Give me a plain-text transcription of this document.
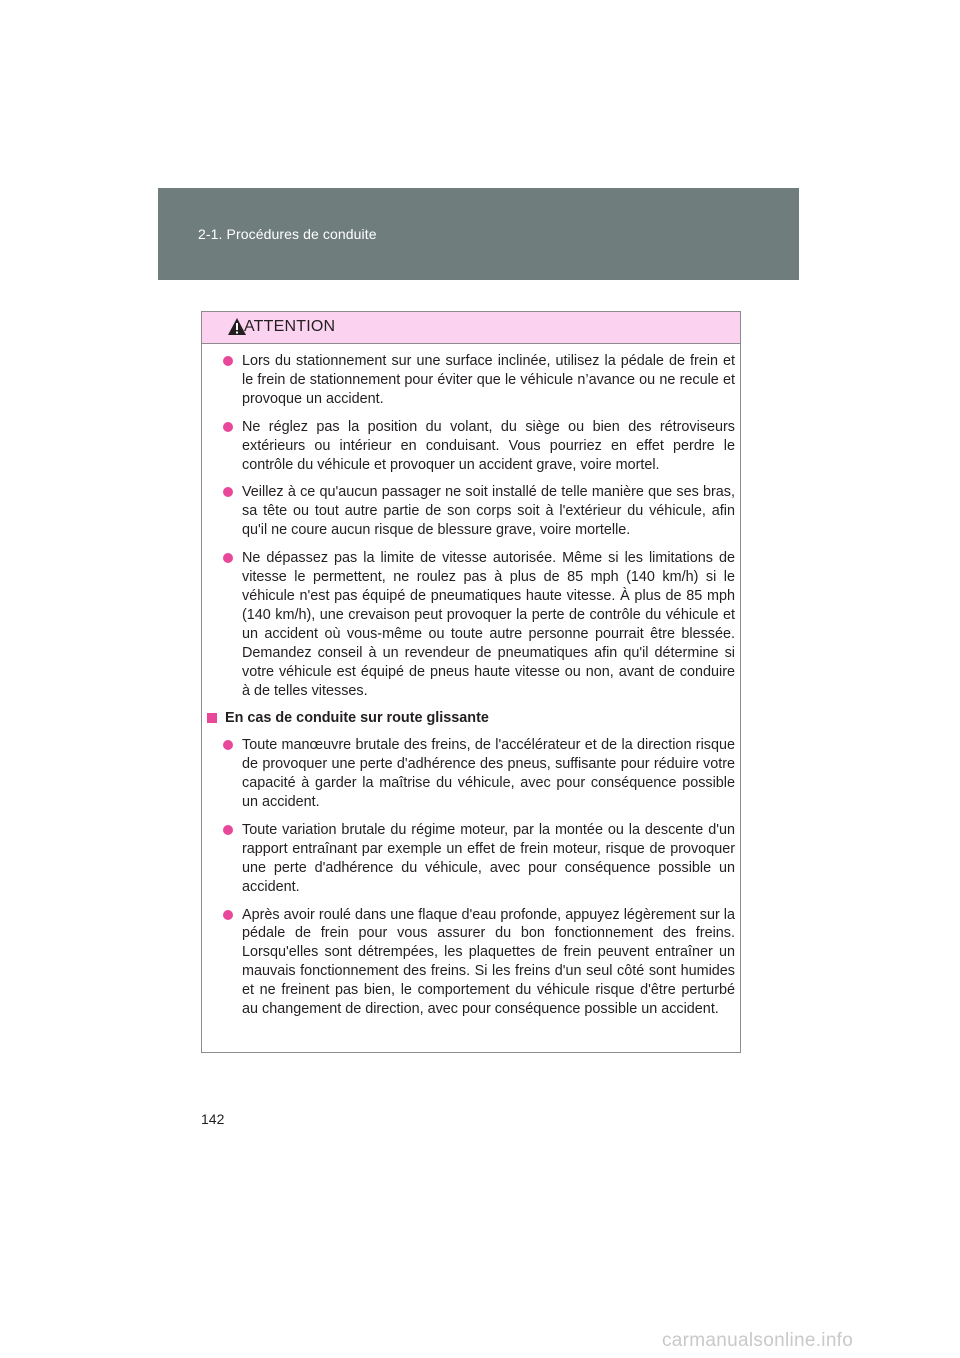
2-1. Procédures de conduite
ATTENTION
Lors du stationnement sur une surface inclinée, utilisez la pédale de frein et le frein de stationnement pour éviter que le véhicule n’avance ou ne recule et provoque un accident.
Ne réglez pas la position du volant, du siège ou bien des rétroviseurs extérieurs ou intérieur en conduisant. Vous pourriez en effet perdre le contrôle du véhicule et provoquer un accident grave, voire mortel.
Veillez à ce qu'aucun passager ne soit installé de telle manière que ses bras, sa tête ou tout autre partie de son corps soit à l'extérieur du véhicule, afin qu'il ne coure aucun risque de blessure grave, voire mortelle.
Ne dépassez pas la limite de vitesse autorisée. Même si les limitations de vitesse le permettent, ne roulez pas à plus de 85 mph (140 km/h) si le véhicule n'est pas équipé de pneumatiques haute vitesse. À plus de 85 mph (140 km/h), une crevaison peut provoquer la perte de contrôle du véhicule et un accident où vous-même ou toute autre personne pourrait être blessée. Demandez conseil à un revendeur de pneumatiques afin qu'il détermine si votre véhicule est équipé de pneus haute vitesse ou non, avant de conduire à de telles vitesses.
En cas de conduite sur route glissante
Toute manœuvre brutale des freins, de l'accélérateur et de la direction risque de provoquer une perte d'adhérence des pneus, suffisante pour réduire votre capacité à garder la maîtrise du véhicule, avec pour conséquence possible un accident.
Toute variation brutale du régime moteur, par la montée ou la descente d'un rapport entraînant par exemple un effet de frein moteur, risque de provoquer une perte d'adhérence du véhicule, avec pour conséquence possible un accident.
Après avoir roulé dans une flaque d'eau profonde, appuyez légèrement sur la pédale de frein pour vous assurer du bon fonctionnement des freins. Lorsqu'elles sont détrempées, les plaquettes de frein peuvent entraîner un mauvais fonctionnement des freins. Si les freins d'un seul côté sont humides et ne freinent pas bien, le comportement du véhicule risque d'être perturbé au changement de direction, avec pour conséquence possible un accident.
142
carmanualsonline.info
